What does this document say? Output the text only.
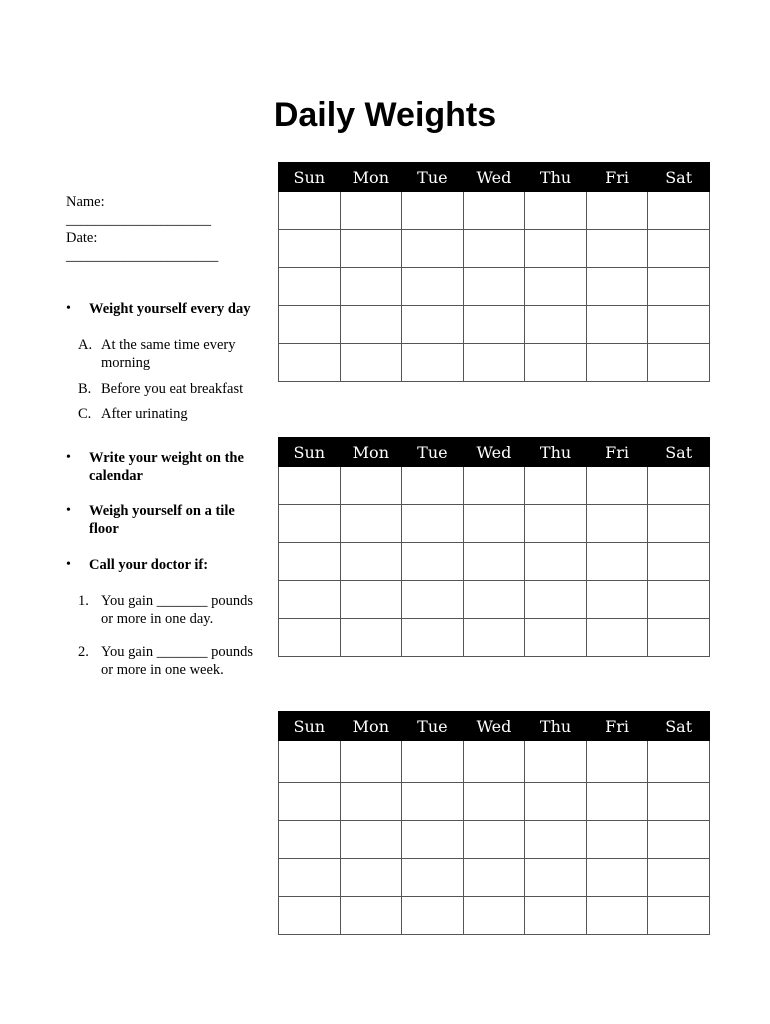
Daily Weights
Name: ____________________
Date: _____________________
• Weight yourself every day
A. At the same time every morning
B. Before you eat breakfast
C. After urinating
• Write your weight on the calendar
• Weigh yourself on a tile floor
• Call your doctor if:
1. You gain _______ pounds or more in one day.
2. You gain _______ pounds or more in one week.
Sun	Mon	Tue	Wed	Thu	Fri	Sat

Sun	Mon	Tue	Wed	Thu	Fri	Sat

Sun	Mon	Tue	Wed	Thu	Fri	Sat
